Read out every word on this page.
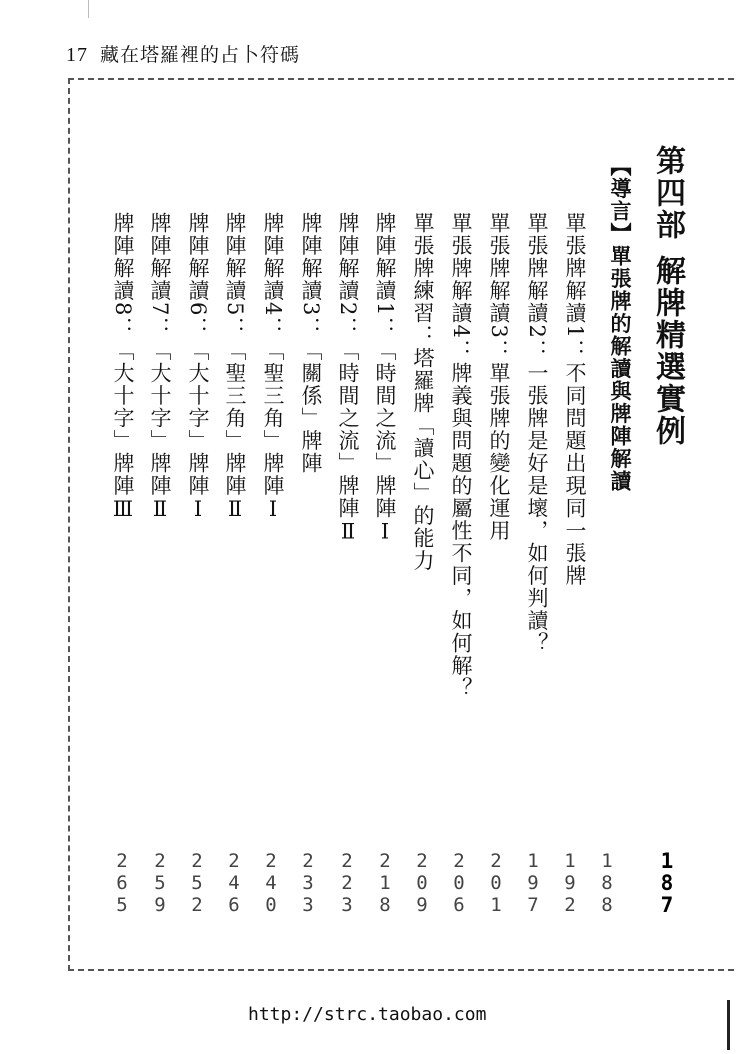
17 藏在塔羅裡的占卜符碼
第四部解牌精選實例
【導言】單張牌的解讀與牌陣解讀
1
8
7
單張牌解讀1：不同問題出現同一張牌
1
8
8
單張牌解讀2：一張牌是好是壞，如何判讀？
1
9
2
單張牌解讀3：單張牌的變化運用
1
9
7
單張牌解讀4：牌義與問題的屬性不同，如何解？
2
0
1
單張牌練習：塔羅牌「讀心」的能力
2
0
6
牌陣解讀1：「時間之流」牌陣Ⅰ
2
0
9
牌陣解讀2：「時間之流」牌陣Ⅱ
2
1
8
牌陣解讀3：「關係」牌陣
2
2
3
牌陣解讀4：「聖三角」牌陣Ⅰ
2
3
3
牌陣解讀5：「聖三角」牌陣Ⅱ
2
4
0
牌陣解讀6：「大十字」牌陣Ⅰ
2
4
6
牌陣解讀7：「大十字」牌陣Ⅱ
2
5
2
牌陣解讀8：「大十字」牌陣Ⅲ
2
5
9
2
6
5
http://strc.taobao.com
